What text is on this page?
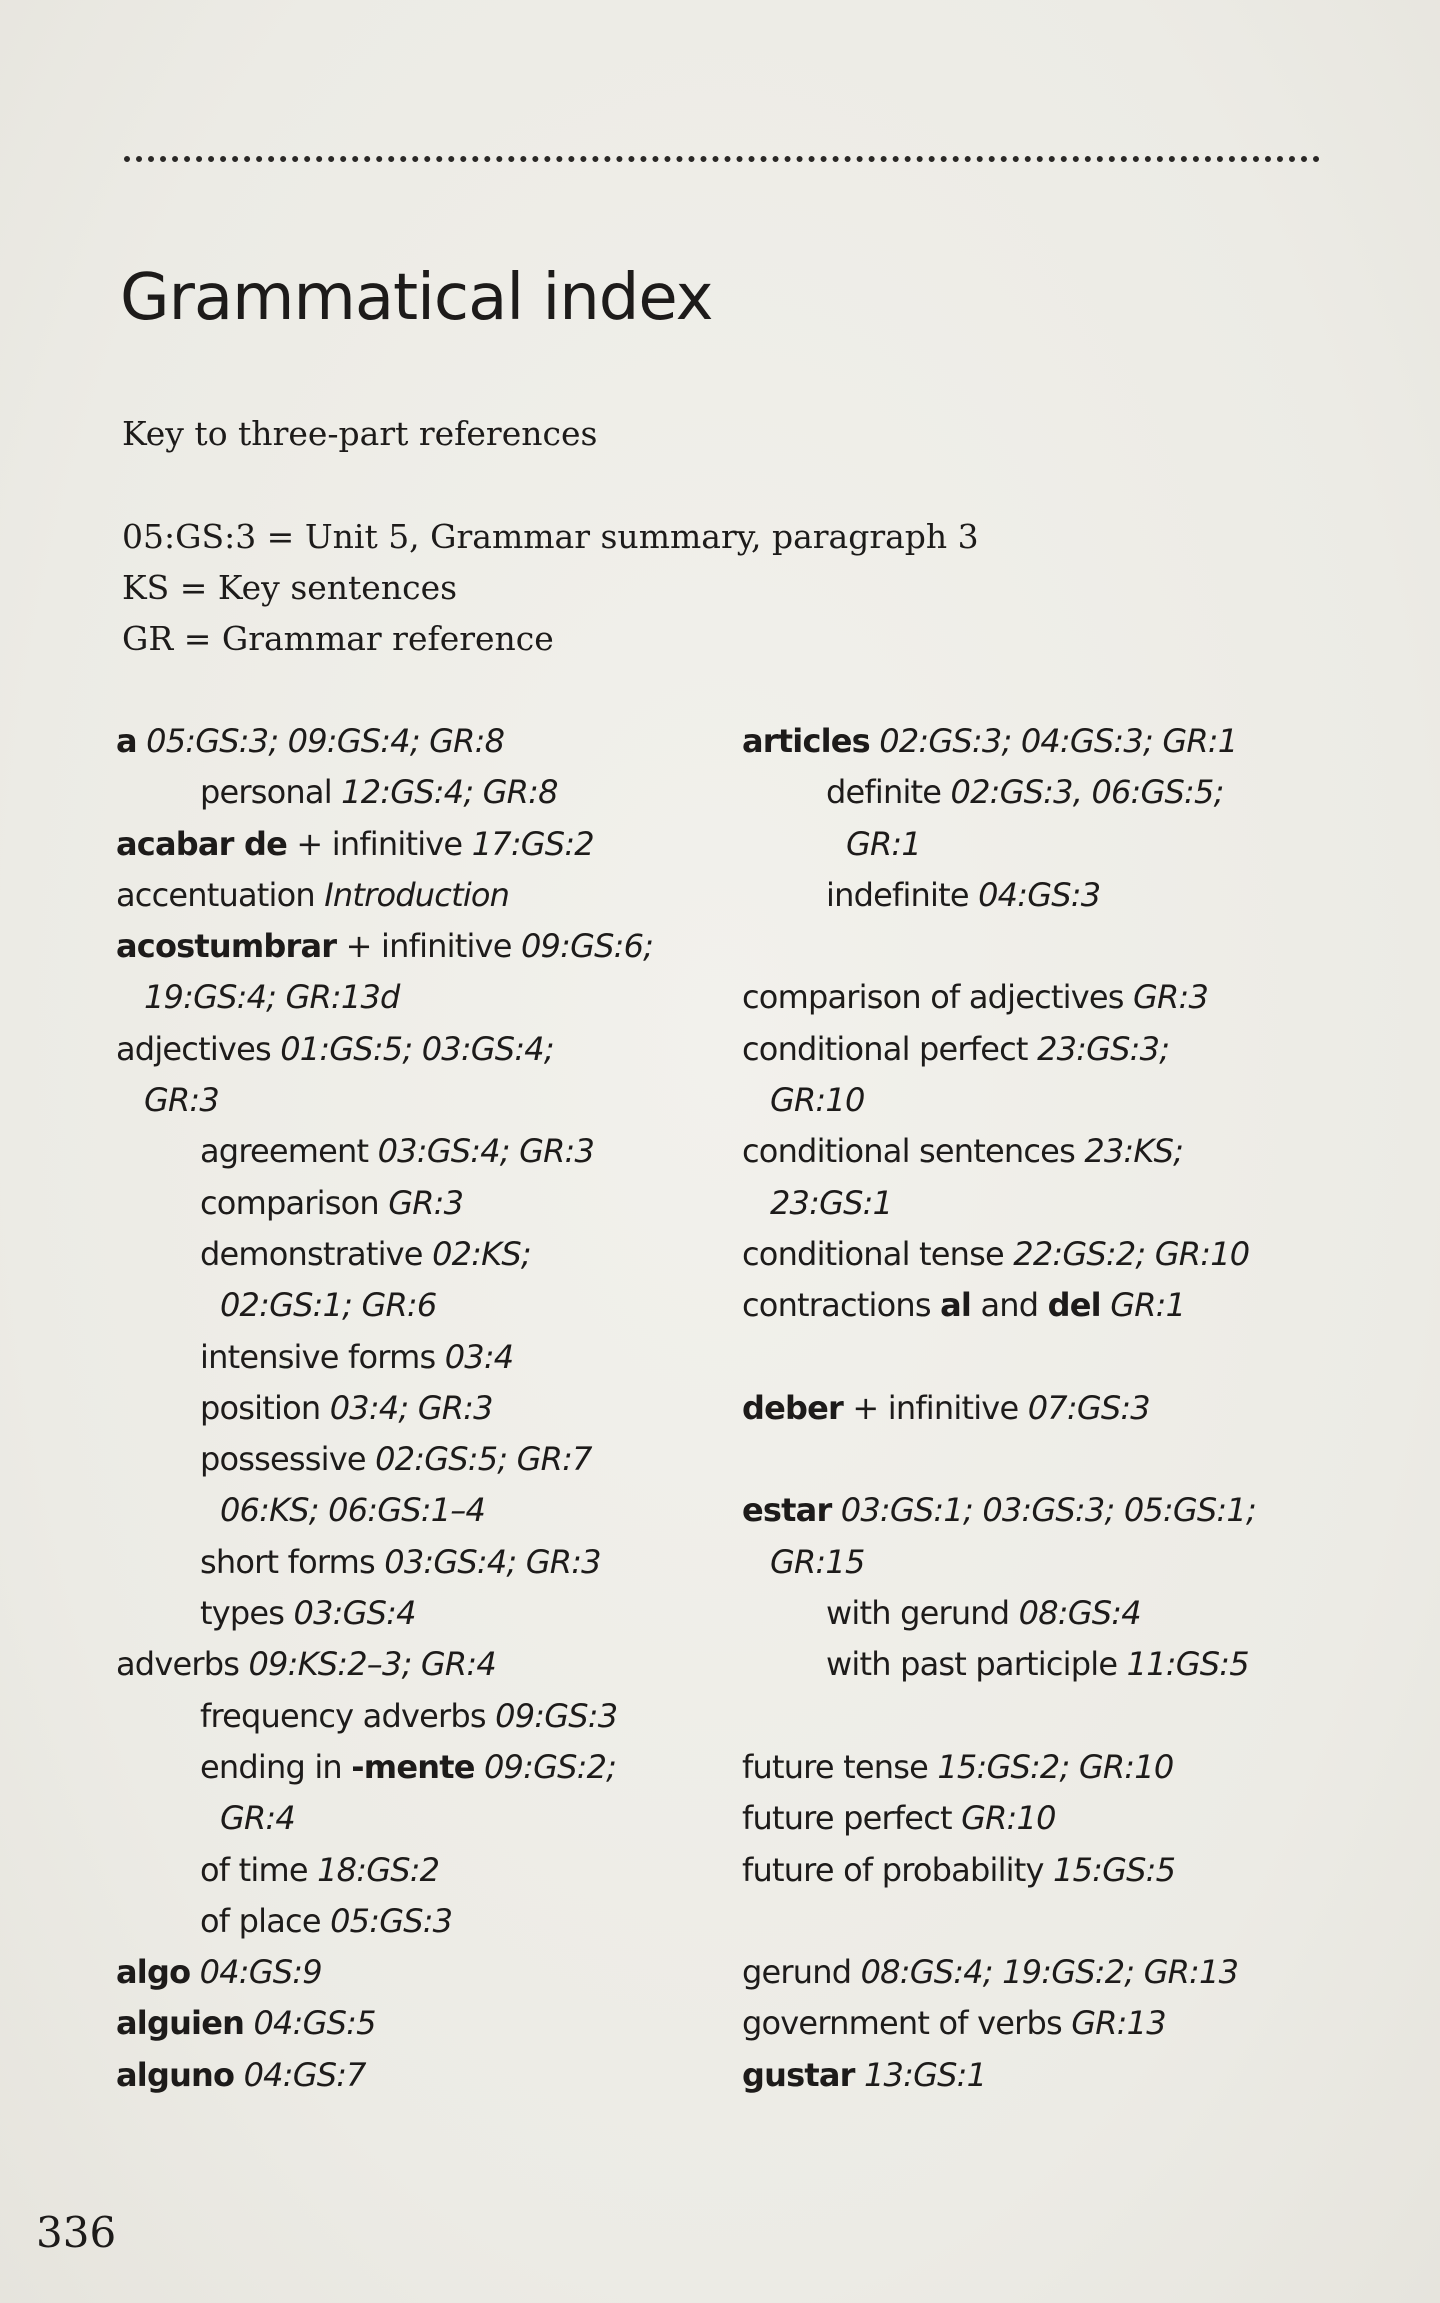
Grammatical index
Key to three-part references
05:GS:3 = Unit 5, Grammar summary, paragraph 3
KS = Key sentences
GR = Grammar reference
a 05:GS:3; 09:GS:4; GR:8
personal 12:GS:4; GR:8
acabar de + infinitive 17:GS:2
accentuation Introduction
acostumbrar + infinitive 09:GS:6;
19:GS:4; GR:13d
adjectives 01:GS:5; 03:GS:4;
GR:3
agreement 03:GS:4; GR:3
comparison GR:3
demonstrative 02:KS;
02:GS:1; GR:6
intensive forms 03:4
position 03:4; GR:3
possessive 02:GS:5; GR:7
06:KS; 06:GS:1–4
short forms 03:GS:4; GR:3
types 03:GS:4
adverbs 09:KS:2–3; GR:4
frequency adverbs 09:GS:3
ending in -mente 09:GS:2;
GR:4
of time 18:GS:2
of place 05:GS:3
algo 04:GS:9
alguien 04:GS:5
alguno 04:GS:7
articles 02:GS:3; 04:GS:3; GR:1
definite 02:GS:3, 06:GS:5;
GR:1
indefinite 04:GS:3
comparison of adjectives GR:3
conditional perfect 23:GS:3;
GR:10
conditional sentences 23:KS;
23:GS:1
conditional tense 22:GS:2; GR:10
contractions al and del GR:1
deber + infinitive 07:GS:3
estar 03:GS:1; 03:GS:3; 05:GS:1;
GR:15
with gerund 08:GS:4
with past participle 11:GS:5
future tense 15:GS:2; GR:10
future perfect GR:10
future of probability 15:GS:5
gerund 08:GS:4; 19:GS:2; GR:13
government of verbs GR:13
gustar 13:GS:1
336
